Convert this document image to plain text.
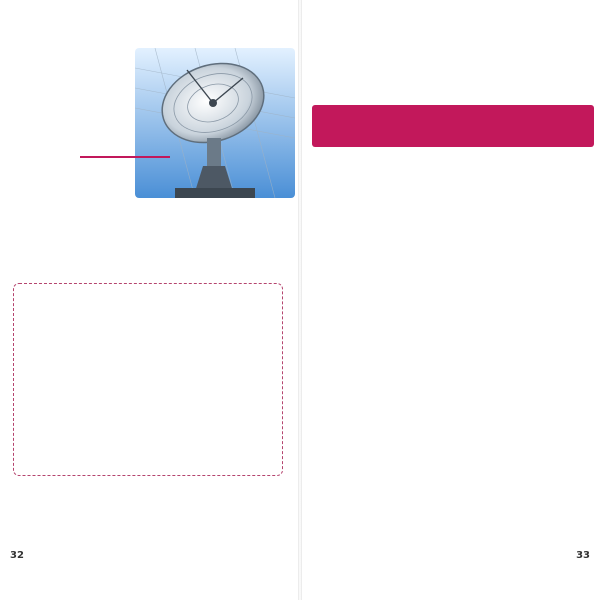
32	33
